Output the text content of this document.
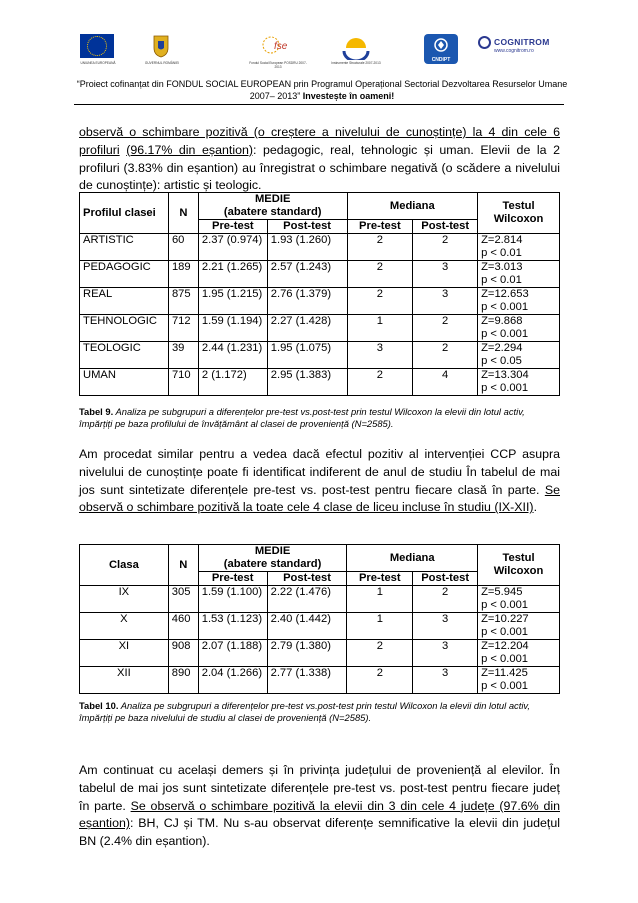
UNIUNEA EUROPEANĂ	GUVERNUL ROMÂNIEI
fse
Fondul Social European POSDRU 2007-2013
Instrumente Structurale 2007-2013	CNDIPT
COGNITROM
www.cognitrom.ro
“Proiect cofinanțat din FONDUL SOCIAL EUROPEAN prin Programul Operațional Sectorial Dezvoltarea Resurselor Umane
2007– 2013” Investește în oameni!

observă o schimbare pozitivă (o creștere a nivelului de cunoștințe) la 4 din cele 6 profiluri (96.17% din eșantion): pedagogic, real, tehnologic și uman. Elevii de la 2 profiluri (3.83% din eșantion) au înregistrat o schimbare negativă (o scădere a nivelului de cunoștințe): artistic și teologic.

Profilul clasei	N	MEDIE
(abatere standard)		Mediana		Testul
Wilcoxon
		Pre-test	Post-test	Pre-test	Post-test	
ARTISTIC	60	2.37 (0.974)	1.93 (1.260)	2	2	Z=2.814
p < 0.01
PEDAGOGIC	189	2.21 (1.265)	2.57 (1.243)	2	3	Z=3.013
p < 0.01
REAL	875	1.95 (1.215)	2.76 (1.379)	2	3	Z=12.653
p < 0.001
TEHNOLOGIC	712	1.59 (1.194)	2.27 (1.428)	1	2	Z=9.868
p < 0.001
TEOLOGIC	39	2.44 (1.231)	1.95 (1.075)	3	2	Z=2.294
p < 0.05
UMAN	710	2 (1.172)	2.95 (1.383)	2	4	Z=13.304
p < 0.001

Tabel 9. Analiza pe subgrupuri a diferențelor pre-test vs.post-test prin testul Wilcoxon la elevii din lotul activ, împărțiți pe baza profilului de învățământ al clasei de proveniență (N=2585).

Am procedat similar pentru a vedea dacă efectul pozitiv al intervenției CCP asupra nivelului de cunoștințe poate fi identificat indiferent de anul de studiu În tabelul de mai jos sunt sintetizate diferențele pre-test vs. post-test pentru fiecare clasă în parte. Se observă o schimbare pozitivă la toate cele 4 clase de liceu incluse în studiu (IX-XII).

Clasa	N	MEDIE
(abatere standard)		Mediana		Testul
Wilcoxon
		Pre-test	Post-test	Pre-test	Post-test	
IX	305	1.59 (1.100)	2.22 (1.476)	1	2	Z=5.945
p < 0.001
X	460	1.53 (1.123)	2.40 (1.442)	1	3	Z=10.227
p < 0.001
XI	908	2.07 (1.188)	2.79 (1.380)	2	3	Z=12.204
p < 0.001
XII	890	2.04 (1.266)	2.77 (1.338)	2	3	Z=11.425
p < 0.001

Tabel 10. Analiza pe subgrupuri a diferențelor pre-test vs.post-test prin testul Wilcoxon la elevii din lotul activ, împărțiți pe baza nivelului de studiu al clasei de proveniență (N=2585).

Am continuat cu același demers și în privința județului de proveniență al elevilor. În tabelul de mai jos sunt sintetizate diferențele pre-test vs. post-test pentru fiecare județ în parte. Se observă o schimbare pozitivă la elevii din 3 din cele 4 județe (97.6% din eșantion): BH, CJ și TM. Nu s-au observat diferențe semnificative la elevii din județul BN (2.4% din eșantion).
